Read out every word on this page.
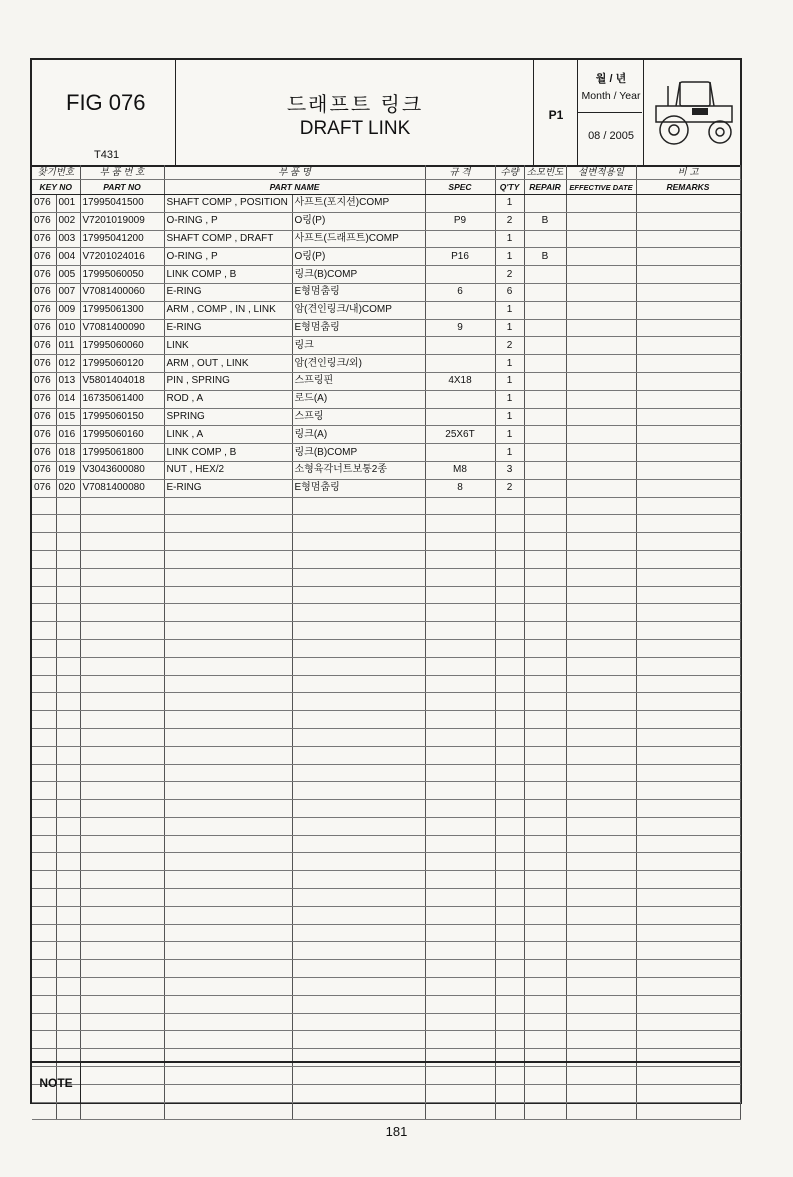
FIG 076
T431
드래프트 링크
DRAFT LINK
P1
월 / 년
Month / Year
08 / 2005
찾기번호		부 품 번 호	부 품 명		규 격	수량	소모빈도	설변적용일	비 고
KEY NO		PART NO	PART NAME		SPEC	Q'TY	REPAIR	EFFECTIVE DATE	REMARKS
076	001	17995041500	SHAFT COMP , POSITION	사프트(포지션)COMP		1			
076	002	V7201019009	O-RING , P	O링(P)	P9	2	B		
076	003	17995041200	SHAFT COMP , DRAFT	사프트(드래프트)COMP		1			
076	004	V7201024016	O-RING , P	O링(P)	P16	1	B		
076	005	17995060050	LINK COMP , B	링크(B)COMP		2			
076	007	V7081400060	E-RING	E형멈춤링	6	6			
076	009	17995061300	ARM , COMP , IN , LINK	암(견인링크/내)COMP		1			
076	010	V7081400090	E-RING	E형멈춤링	9	1			
076	011	17995060060	LINK	링크		2			
076	012	17995060120	ARM , OUT , LINK	암(견인링크/외)		1			
076	013	V5801404018	PIN , SPRING	스프링핀	4X18	1			
076	014	16735061400	ROD , A	로드(A)		1			
076	015	17995060150	SPRING	스프링		1			
076	016	17995060160	LINK , A	링크(A)	25X6T	1			
076	018	17995061800	LINK COMP , B	링크(B)COMP		1			
076	019	V3043600080	NUT , HEX/2	소형육각너트보통2종	M8	3			
076	020	V7081400080	E-RING	E형멈춤링	8	2			

NOTE
181
